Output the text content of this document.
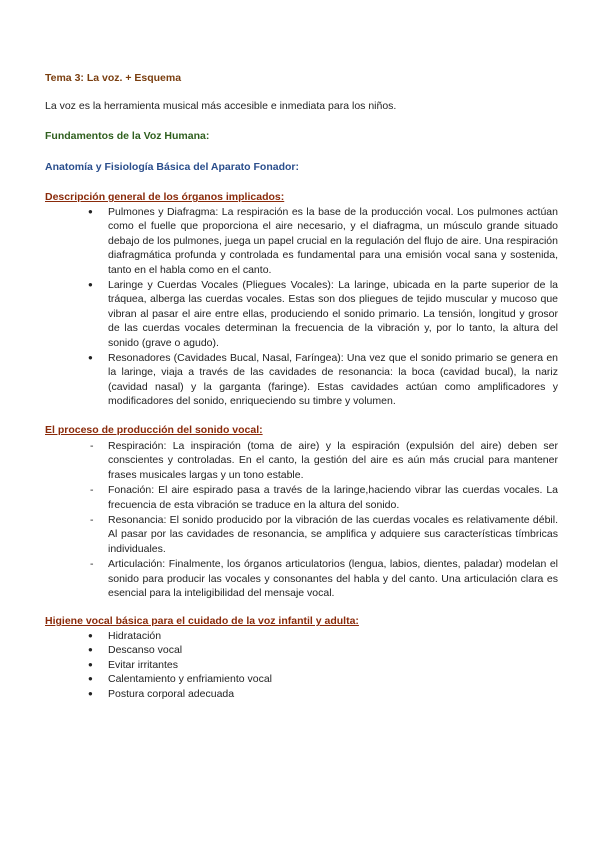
Tema 3: La voz. + Esquema
La voz es la herramienta musical más accesible e inmediata para los niños.
Fundamentos de la Voz Humana:
Anatomía y Fisiología Básica del Aparato Fonador:
Descripción general de los órganos implicados:
● Pulmones y Diafragma: La respiración es la base de la producción vocal. Los pulmones actúan como el fuelle que proporciona el aire necesario, y el diafragma, un músculo grande situado debajo de los pulmones, juega un papel crucial en la regulación del flujo de aire. Una respiración diafragmática profunda y controlada es fundamental para una emisión vocal sana y sostenida, tanto en el habla como en el canto.
● Laringe y Cuerdas Vocales (Pliegues Vocales): La laringe, ubicada en la parte superior de la tráquea, alberga las cuerdas vocales. Estas son dos pliegues de tejido muscular y mucoso que vibran al pasar el aire entre ellas, produciendo el sonido primario. La tensión, longitud y grosor de las cuerdas vocales determinan la frecuencia de la vibración y, por lo tanto, la altura del sonido (grave o agudo).
● Resonadores (Cavidades Bucal, Nasal, Faríngea): Una vez que el sonido primario se genera en la laringe, viaja a través de las cavidades de resonancia: la boca (cavidad bucal), la nariz (cavidad nasal) y la garganta (faringe). Estas cavidades actúan como amplificadores y modificadores del sonido, enriqueciendo su timbre y volumen.
El proceso de producción del sonido vocal:
- Respiración: La inspiración (toma de aire) y la espiración (expulsión del aire) deben ser conscientes y controladas. En el canto, la gestión del aire es aún más crucial para mantener frases musicales largas y un tono estable.
- Fonación: El aire espirado pasa a través de la laringe,haciendo vibrar las cuerdas vocales. La frecuencia de esta vibración se traduce en la altura del sonido.
- Resonancia: El sonido producido por la vibración de las cuerdas vocales es relativamente débil. Al pasar por las cavidades de resonancia, se amplifica y adquiere sus características tímbricas individuales.
- Articulación: Finalmente, los órganos articulatorios (lengua, labios, dientes, paladar) modelan el sonido para producir las vocales y consonantes del habla y del canto. Una articulación clara es esencial para la inteligibilidad del mensaje vocal.
Higiene vocal básica para el cuidado de la voz infantil y adulta:
● Hidratación
● Descanso vocal
● Evitar irritantes
● Calentamiento y enfriamiento vocal
● Postura corporal adecuada
